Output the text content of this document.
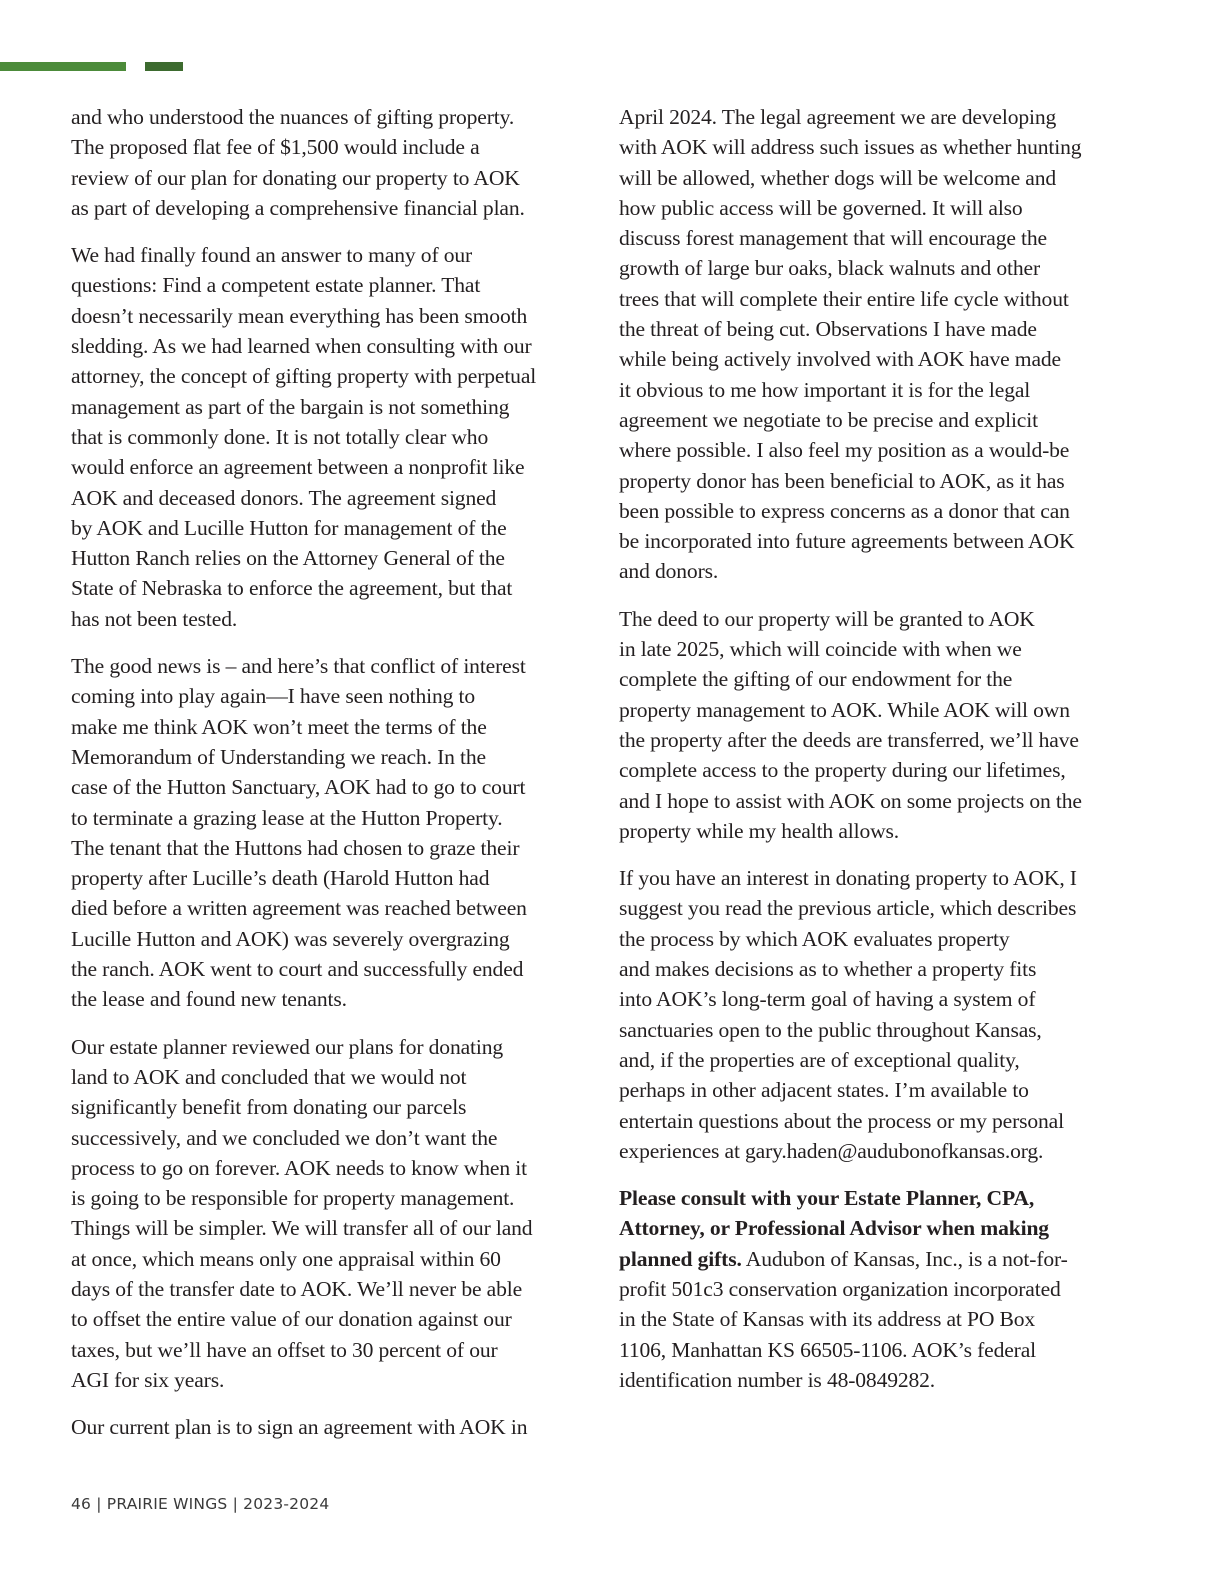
and who understood the nuances of gifting property.
The proposed flat fee of $1,500 would include a
review of our plan for donating our property to AOK
as part of developing a comprehensive financial plan.

We had finally found an answer to many of our
questions: Find a competent estate planner. That
doesn’t necessarily mean everything has been smooth
sledding. As we had learned when consulting with our
attorney, the concept of gifting property with perpetual
management as part of the bargain is not something
that is commonly done. It is not totally clear who
would enforce an agreement between a nonprofit like
AOK and deceased donors. The agreement signed
by AOK and Lucille Hutton for management of the
Hutton Ranch relies on the Attorney General of the
State of Nebraska to enforce the agreement, but that
has not been tested.

The good news is – and here’s that conflict of interest
coming into play again—I have seen nothing to
make me think AOK won’t meet the terms of the
Memorandum of Understanding we reach. In the
case of the Hutton Sanctuary, AOK had to go to court
to terminate a grazing lease at the Hutton Property.
The tenant that the Huttons had chosen to graze their
property after Lucille’s death (Harold Hutton had
died before a written agreement was reached between
Lucille Hutton and AOK) was severely overgrazing
the ranch. AOK went to court and successfully ended
the lease and found new tenants.

Our estate planner reviewed our plans for donating
land to AOK and concluded that we would not
significantly benefit from donating our parcels
successively, and we concluded we don’t want the
process to go on forever. AOK needs to know when it
is going to be responsible for property management.
Things will be simpler. We will transfer all of our land
at once, which means only one appraisal within 60
days of the transfer date to AOK. We’ll never be able
to offset the entire value of our donation against our
taxes, but we’ll have an offset to 30 percent of our
AGI for six years.

Our current plan is to sign an agreement with AOK in

April 2024. The legal agreement we are developing
with AOK will address such issues as whether hunting
will be allowed, whether dogs will be welcome and
how public access will be governed. It will also
discuss forest management that will encourage the
growth of large bur oaks, black walnuts and other
trees that will complete their entire life cycle without
the threat of being cut. Observations I have made
while being actively involved with AOK have made
it obvious to me how important it is for the legal
agreement we negotiate to be precise and explicit
where possible. I also feel my position as a would-be
property donor has been beneficial to AOK, as it has
been possible to express concerns as a donor that can
be incorporated into future agreements between AOK
and donors.

The deed to our property will be granted to AOK
in late 2025, which will coincide with when we
complete the gifting of our endowment for the
property management to AOK. While AOK will own
the property after the deeds are transferred, we’ll have
complete access to the property during our lifetimes,
and I hope to assist with AOK on some projects on the
property while my health allows.

If you have an interest in donating property to AOK, I
suggest you read the previous article, which describes
the process by which AOK evaluates property
and makes decisions as to whether a property fits
into AOK’s long-term goal of having a system of
sanctuaries open to the public throughout Kansas,
and, if the properties are of exceptional quality,
perhaps in other adjacent states. I’m available to
entertain questions about the process or my personal
experiences at gary.haden@audubonofkansas.org.

Please consult with your Estate Planner, CPA,
Attorney, or Professional Advisor when making
planned gifts. Audubon of Kansas, Inc., is a not-for-
profit 501c3 conservation organization incorporated
in the State of Kansas with its address at PO Box
1106, Manhattan KS 66505-1106. AOK’s federal
identification number is 48-0849282.

46 | PRAIRIE WINGS | 2023-2024
